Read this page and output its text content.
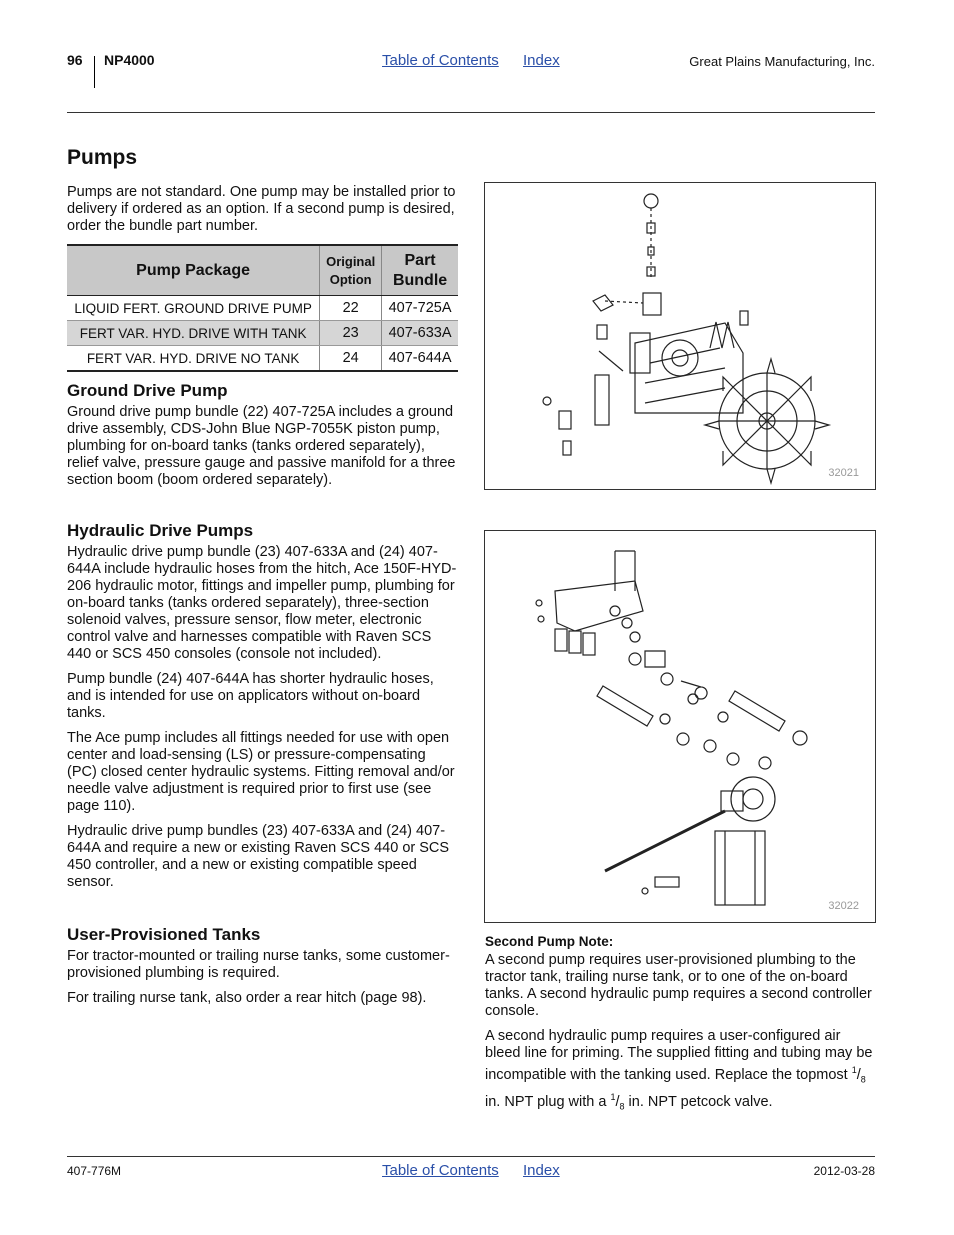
96 NP4000	Table of Contents Index	Great Plains Manufacturing, Inc.
Pumps

Pumps are not standard. One pump may be installed prior to delivery if ordered as an option. If a second pump is desired, order the bundle part number.

Pump Package	Original Option	Part Bundle
LIQUID FERT. GROUND DRIVE PUMP	22	407-725A
FERT VAR. HYD. DRIVE WITH TANK	23	407-633A
FERT VAR. HYD. DRIVE NO TANK	24	407-644A
Ground Drive Pump

Ground drive pump bundle (22) 407-725A includes a ground drive assembly, CDS-John Blue NGP-7055K piston pump, plumbing for on-board tanks (tanks ordered separately), relief valve, pressure gauge and passive manifold for a three section boom (boom ordered separately).

Hydraulic Drive Pumps

Hydraulic drive pump bundle (23) 407-633A and (24) 407-644A include hydraulic hoses from the hitch, Ace 150F-HYD-206 hydraulic motor, fittings and impeller pump, plumbing for on-board tanks (tanks ordered separately), three-section solenoid valves, pressure sensor, flow meter, electronic control valve and harnesses compatible with Raven SCS 440 or SCS 450 consoles (console not included).

Pump bundle (24) 407-644A has shorter hydraulic hoses, and is intended for use on applicators without on-board tanks.

The Ace pump includes all fittings needed for use with open center and load-sensing (LS) or pressure-compensating (PC) closed center hydraulic systems. Fitting removal and/or needle valve adjustment is required prior to first use (see page 110).

Hydraulic drive pump bundles (23) 407-633A and (24) 407-644A and require a new or existing Raven SCS 440 or SCS 450 controller, and a new or existing compatible speed sensor.

User-Provisioned Tanks

For tractor-mounted or trailing nurse tanks, some customer-provisioned plumbing is required.

For trailing nurse tank, also order a rear hitch (page 98).

32021
32022

Second Pump Note:

A second pump requires user-provisioned plumbing to the tractor tank, trailing nurse tank, or to one of the on-board tanks. A second hydraulic pump requires a second controller console.

A second hydraulic pump requires a user-configured air bleed line for priming. The supplied fitting and tubing may be incompatible with the tanking used. Replace the topmost $^1/_8$ in. NPT plug with a $^1/_8$ in. NPT petcock valve.

407-776M	Table of Contents Index	2012-03-28
